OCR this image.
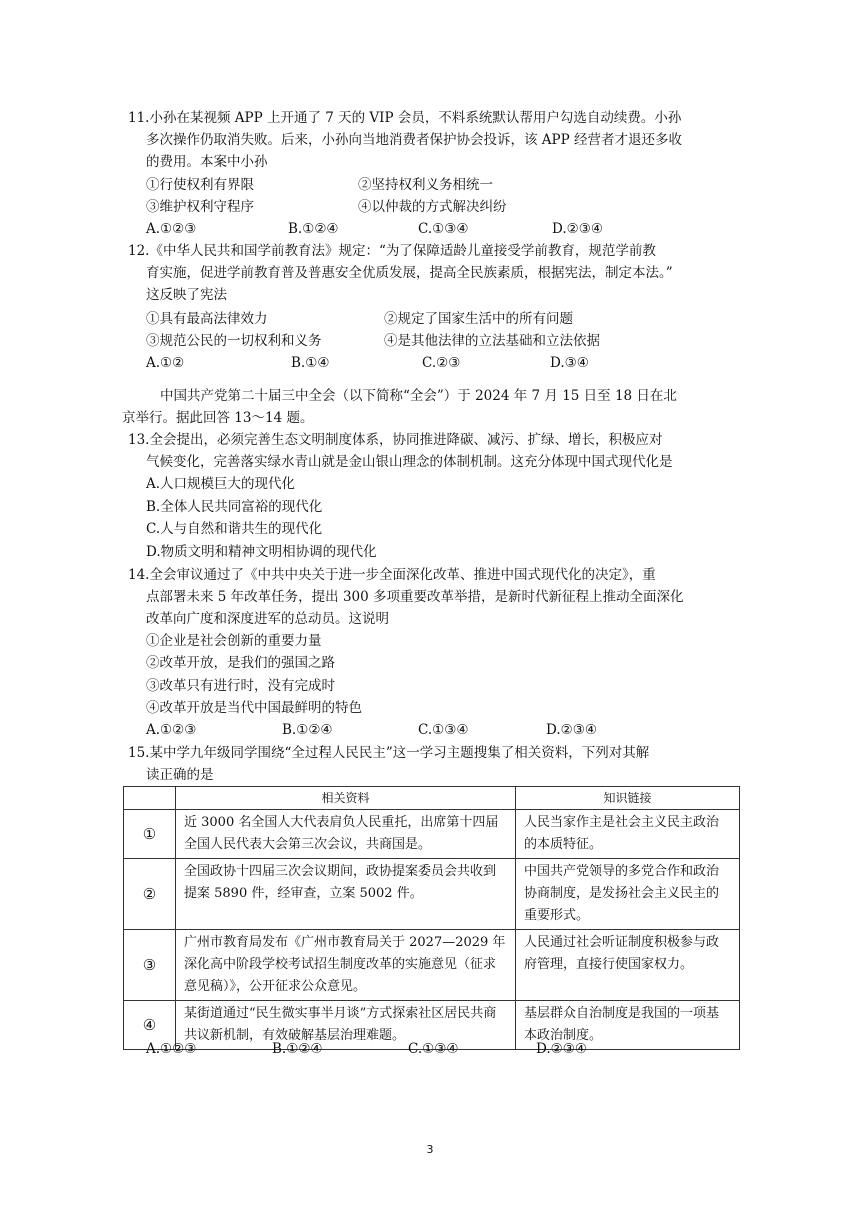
11.小孙在某视频 APP 上开通了 7 天的 VIP 会员，不料系统默认帮用户勾选自动续费。小孙
多次操作仍取消失败。后来，小孙向当地消费者保护协会投诉，该 APP 经营者才退还多收
的费用。本案中小孙
①行使权利有界限	②坚持权利义务相统一
③维护权利守程序	④以仲裁的方式解决纠纷
A.①②③	B.①②④	C.①③④	D.②③④
12.《中华人民共和国学前教育法》规定：“为了保障适龄儿童接受学前教育，规范学前教
育实施，促进学前教育普及普惠安全优质发展，提高全民族素质，根据宪法，制定本法。”
这反映了宪法
①具有最高法律效力	②规定了国家生活中的所有问题
③规范公民的一切权利和义务	④是其他法律的立法基础和立法依据
A.①②	B.①④	C.②③	D.③④
中国共产党第二十届三中全会（以下简称“全会”）于 2024 年 7 月 15 日至 18 日在北
京举行。据此回答 13～14 题。
13.全会提出，必须完善生态文明制度体系，协同推进降碳、减污、扩绿、增长，积极应对
气候变化，完善落实绿水青山就是金山银山理念的体制机制。这充分体现中国式现代化是
A.人口规模巨大的现代化
B.全体人民共同富裕的现代化
C.人与自然和谐共生的现代化
D.物质文明和精神文明相协调的现代化
14.全会审议通过了《中共中央关于进一步全面深化改革、推进中国式现代化的决定》，重
点部署未来 5 年改革任务，提出 300 多项重要改革举措，是新时代新征程上推动全面深化
改革向广度和深度进军的总动员。这说明
①企业是社会创新的重要力量
②改革开放，是我们的强国之路
③改革只有进行时，没有完成时
④改革开放是当代中国最鲜明的特色
A.①②③	B.①②④	C.①③④	D.②③④
15.某中学九年级同学围绕“全过程人民民主”这一学习主题搜集了相关资料，下列对其解
读正确的是
	相关资料	知识链接
①	近 3000 名全国人大代表肩负人民重托，出席第十四届全国人民代表大会第三次会议，共商国是。	人民当家作主是社会主义民主政治的本质特征。
②	全国政协十四届三次会议期间，政协提案委员会共收到提案 5890 件，经审查，立案 5002 件。	中国共产党领导的多党合作和政治协商制度，是发扬社会主义民主的重要形式。
③	广州市教育局发布《广州市教育局关于 2027—2029 年深化高中阶段学校考试招生制度改革的实施意见（征求意见稿）》，公开征求公众意见。	人民通过社会听证制度积极参与政府管理，直接行使国家权力。
④	某街道通过“民生微实事半月谈”方式探索社区居民共商共议新机制，有效破解基层治理难题。	基层群众自治制度是我国的一项基本政治制度。
A.①②③	B.①②④	C.①③④	D.②③④
3
